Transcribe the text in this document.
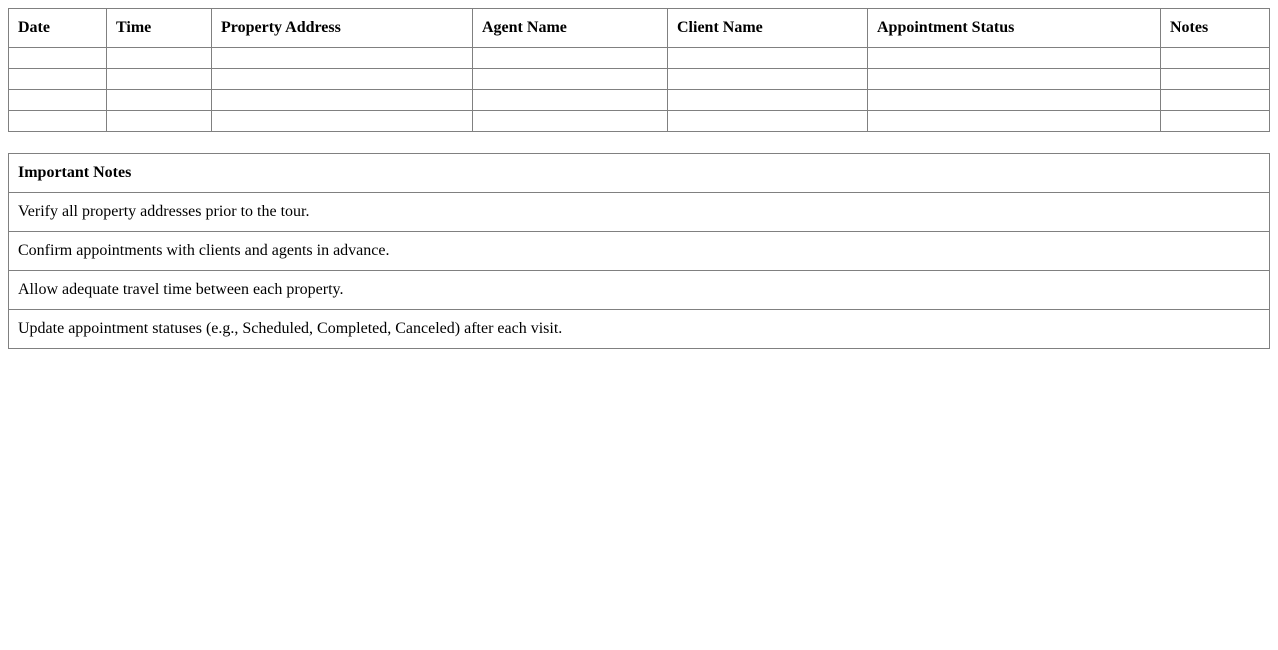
Date	Time	Property Address	Agent Name	Client Name	Appointment Status	Notes

Important Notes
Verify all property addresses prior to the tour.
Confirm appointments with clients and agents in advance.
Allow adequate travel time between each property.
Update appointment statuses (e.g., Scheduled, Completed, Canceled) after each visit.
